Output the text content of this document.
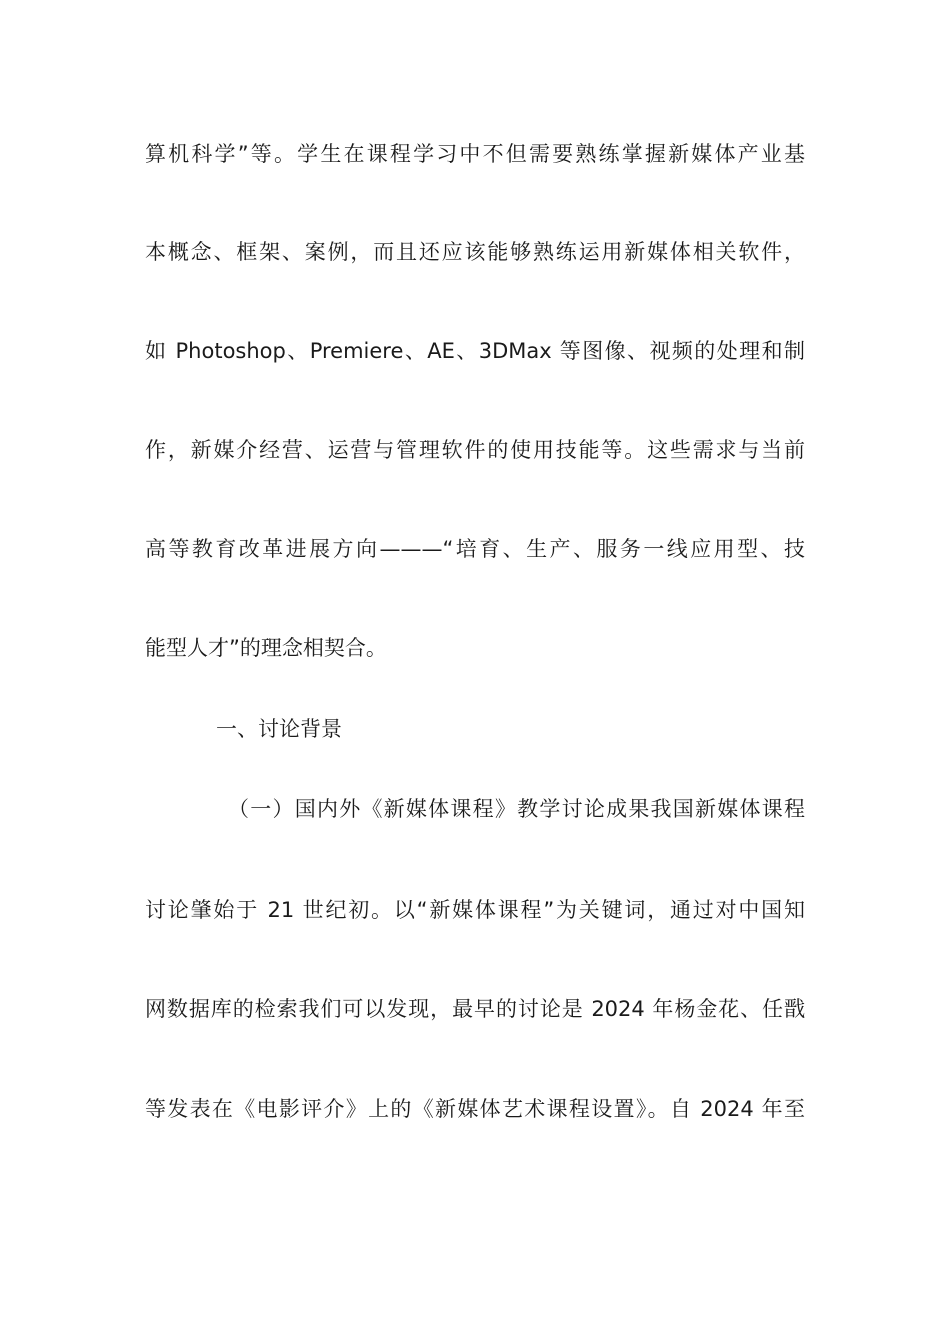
算机科学”等。学生在课程学习中不但需要熟练掌握新媒体产业基
本概念、框架、案例，而且还应该能够熟练运用新媒体相关软件，
如 Photoshop、Premiere、AE、3DMax 等图像、视频的处理和制
作，新媒介经营、运营与管理软件的使用技能等。这些需求与当前
高等教育改革进展方向———“培育、生产、服务一线应用型、技
能型人才”的理念相契合。
一、讨论背景
（一）国内外《新媒体课程》教学讨论成果我国新媒体课程
讨论肇始于 21 世纪初。以“新媒体课程”为关键词，通过对中国知
网数据库的检索我们可以发现，最早的讨论是 2024 年杨金花、任戬
等发表在《电影评介》上的《新媒体艺术课程设置》。自 2024 年至
